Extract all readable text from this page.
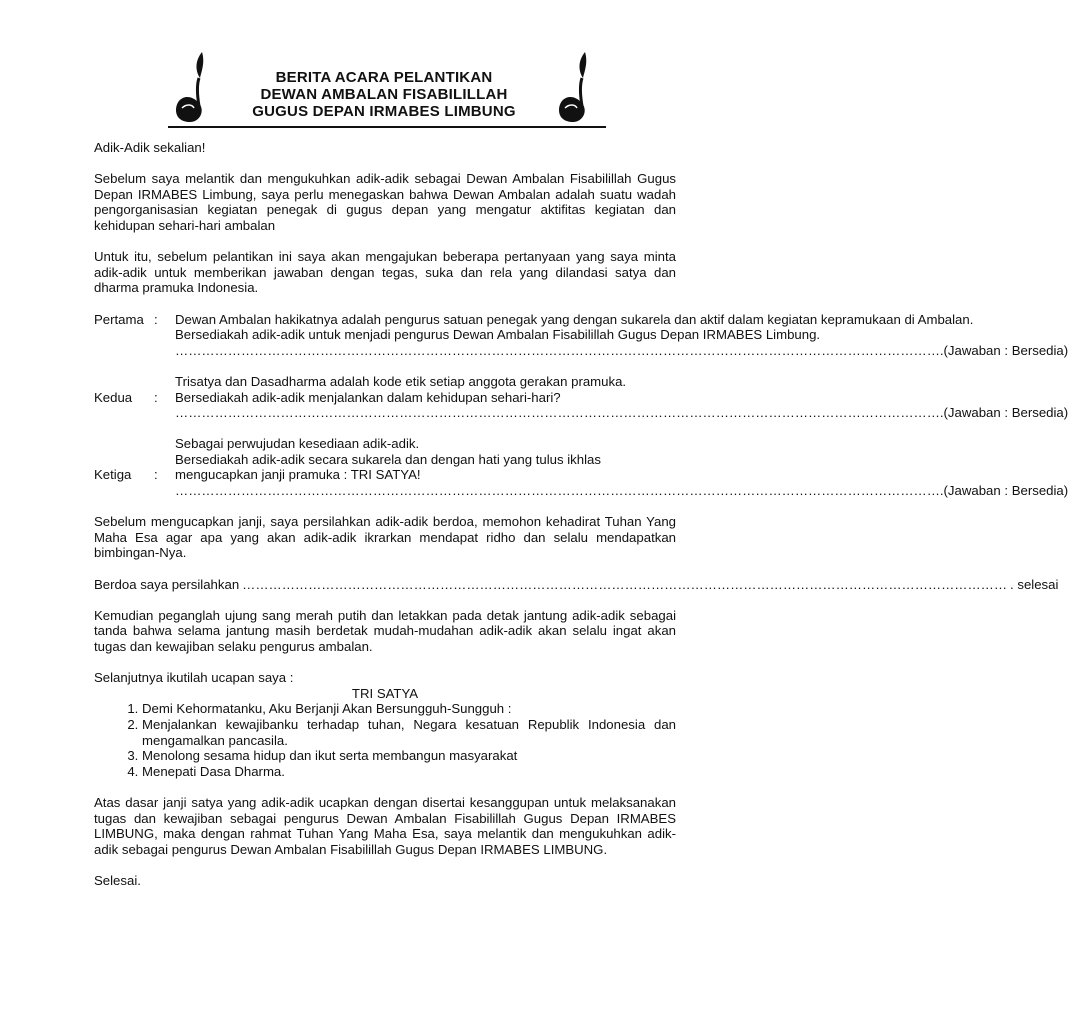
BERITA ACARA PELANTIKAN
DEWAN AMBALAN FISABILILLAH
GUGUS DEPAN IRMABES LIMBUNG

Adik-Adik sekalian!

Sebelum saya melantik dan mengukuhkan adik-adik sebagai Dewan Ambalan Fisabilillah Gugus Depan IRMABES Limbung, saya perlu menegaskan bahwa Dewan Ambalan adalah suatu wadah pengorganisasian kegiatan penegak di gugus depan yang mengatur aktifitas kegiatan dan kehidupan sehari-hari ambalan

Untuk itu, sebelum pelantikan ini saya akan mengajukan beberapa pertanyaan yang saya minta adik-adik untuk memberikan jawaban dengan tegas, suka dan rela yang dilandasi satya dan dharma pramuka Indonesia.

Pertama :	Dewan Ambalan hakikatnya adalah pengurus satuan penegak yang dengan sukarela dan aktif dalam kegiatan kepramukaan di Ambalan.
Bersediakah adik-adik untuk menjadi pengurus Dewan Ambalan Fisabilillah Gugus Depan IRMABES Limbung.
………………………………………………………………………………………………………………………………………………………… .(Jawaban : Bersedia)
Trisatya dan Dasadharma adalah kode etik setiap anggota gerakan pramuka.
Kedua	:	Bersediakah adik-adik menjalankan dalam kehidupan sehari-hari?
………………………………………………………………………………………………………………………………………………………… .(Jawaban : Bersedia)
Sebagai perwujudan kesediaan adik-adik.
Bersediakah adik-adik secara sukarela dan dengan hati yang tulus ikhlas
Ketiga	:	mengucapkan janji pramuka : TRI SATYA!
………………………………………………………………………………………………………………………………………………………… .(Jawaban : Bersedia)

Sebelum mengucapkan janji, saya persilahkan adik-adik berdoa, memohon kehadirat Tuhan Yang Maha Esa agar apa yang akan adik-adik ikrarkan mendapat ridho dan selalu mendapatkan bimbingan-Nya.

Berdoa saya persilahkan ………………………………………………………………………………………………………………………………………………………… . selesai

Kemudian peganglah ujung sang merah putih dan letakkan pada detak jantung adik-adik sebagai tanda bahwa selama jantung masih berdetak mudah-mudahan adik-adik akan selalu ingat akan tugas dan kewajiban selaku pengurus ambalan.

Selanjutnya ikutilah ucapan saya :

TRI SATYA
1. Demi Kehormatanku, Aku Berjanji Akan Bersungguh-Sungguh :
2. Menjalankan kewajibanku terhadap tuhan, Negara kesatuan Republik Indonesia dan mengamalkan pancasila.
3. Menolong sesama hidup dan ikut serta membangun masyarakat
4. Menepati Dasa Dharma.

Atas dasar janji satya yang adik-adik ucapkan dengan disertai kesanggupan untuk melaksanakan tugas dan kewajiban sebagai pengurus Dewan Ambalan Fisabilillah Gugus Depan IRMABES LIMBUNG, maka dengan rahmat Tuhan Yang Maha Esa, saya melantik dan mengukuhkan adik-adik sebagai pengurus Dewan Ambalan Fisabilillah Gugus Depan IRMABES LIMBUNG.

Selesai.
